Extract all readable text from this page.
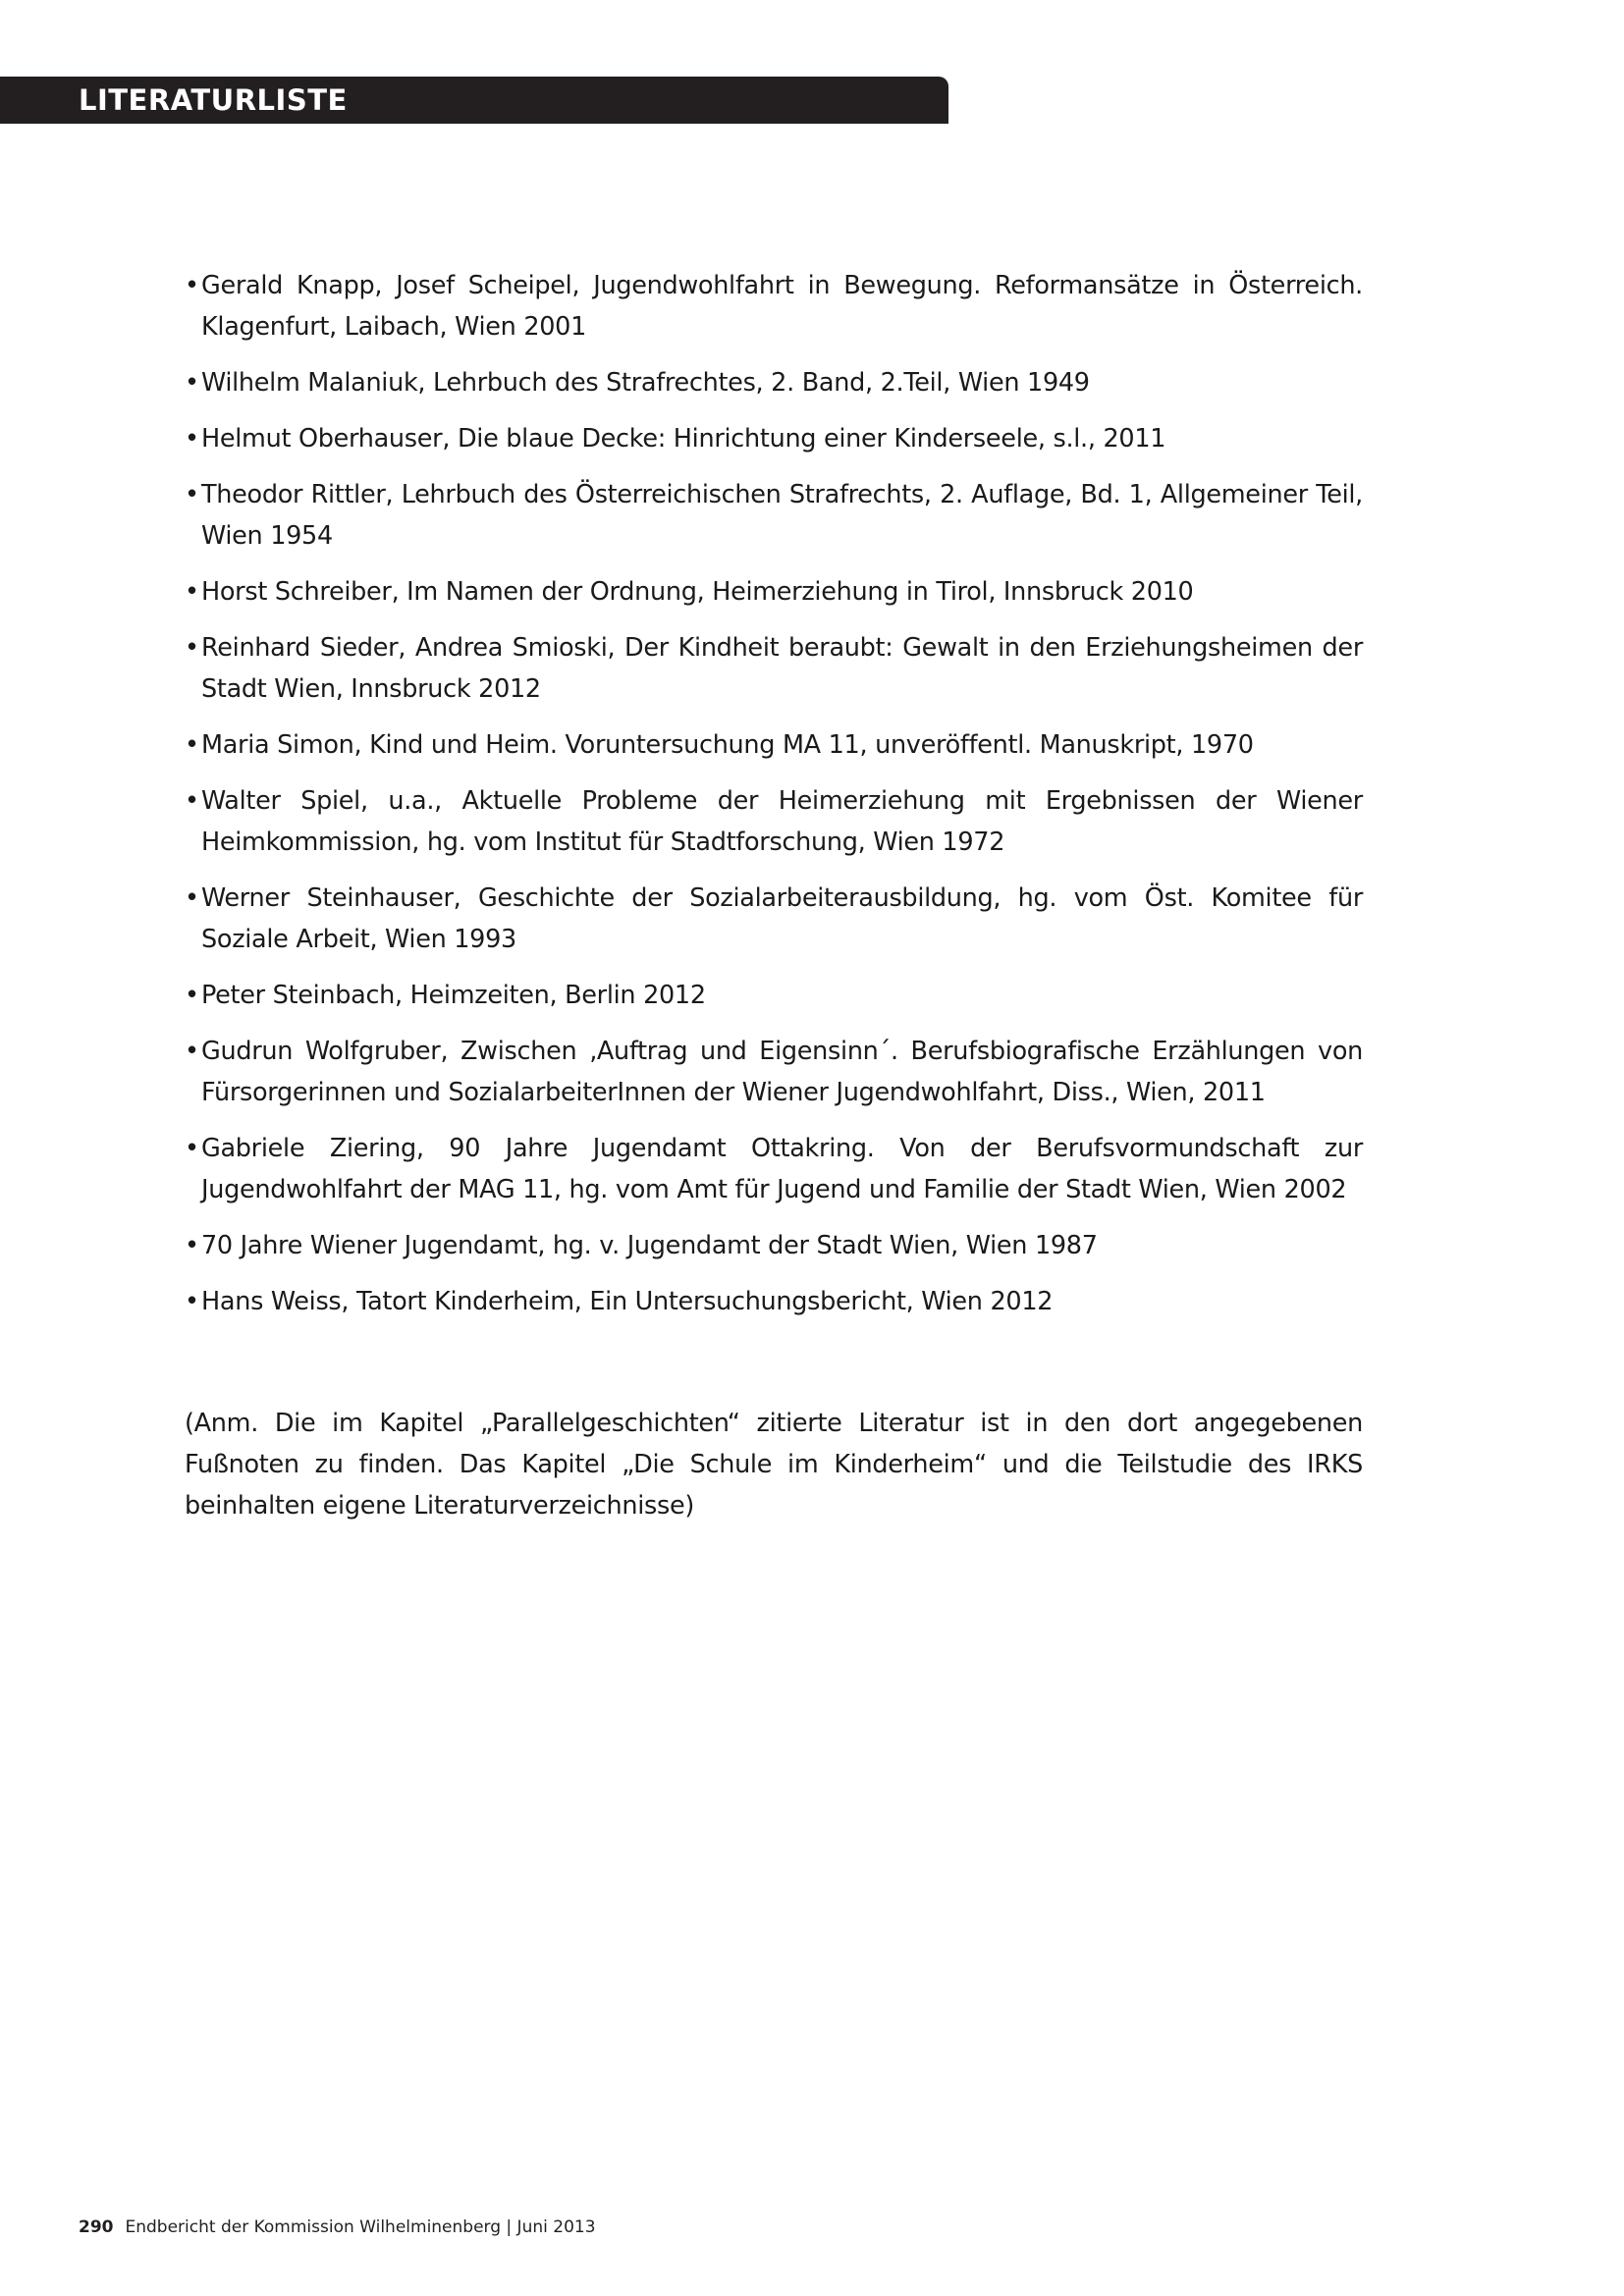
LITERATURLISTE
• Gerald Knapp, Josef Scheipel, Jugendwohlfahrt in Bewegung. Reformansätze in Österreich. Klagenfurt, Laibach, Wien 2001
• Wilhelm Malaniuk, Lehrbuch des Strafrechtes, 2. Band, 2.Teil, Wien 1949
• Helmut Oberhauser, Die blaue Decke: Hinrichtung einer Kinderseele, s.l., 2011
• Theodor Rittler, Lehrbuch des Österreichischen Strafrechts, 2. Auflage, Bd. 1, Allgemeiner Teil, Wien 1954
• Horst Schreiber, Im Namen der Ordnung, Heimerziehung in Tirol, Innsbruck 2010
• Reinhard Sieder, Andrea Smioski, Der Kindheit beraubt: Gewalt in den Erziehungsheimen der Stadt Wien, Innsbruck 2012
• Maria Simon, Kind und Heim. Voruntersuchung MA 11, unveröffentl. Manuskript, 1970
• Walter Spiel, u.a., Aktuelle Probleme der Heimerziehung mit Ergebnissen der Wiener Heimkommission, hg. vom Institut für Stadtforschung, Wien 1972
• Werner Steinhauser, Geschichte der Sozialarbeiterausbildung, hg. vom Öst. Komitee für Soziale Arbeit, Wien 1993
• Peter Steinbach, Heimzeiten, Berlin 2012
• Gudrun Wolfgruber, Zwischen ‚Auftrag und Eigensinn´. Berufsbiografische Erzählungen von Fürsorgerinnen und SozialarbeiterInnen der Wiener Jugendwohlfahrt, Diss., Wien, 2011
• Gabriele Ziering, 90 Jahre Jugendamt Ottakring. Von der Berufsvormundschaft zur Jugendwohlfahrt der MAG 11, hg. vom Amt für Jugend und Familie der Stadt Wien, Wien 2002
• 70 Jahre Wiener Jugendamt, hg. v. Jugendamt der Stadt Wien, Wien 1987
• Hans Weiss, Tatort Kinderheim, Ein Untersuchungsbericht, Wien 2012

(Anm. Die im Kapitel „Parallelgeschichten“ zitierte Literatur ist in den dort angegebenen Fußnoten zu finden. Das Kapitel „Die Schule im Kinderheim“ und die Teilstudie des IRKS beinhalten eigene Literaturverzeichnisse)

290 Endbericht der Kommission Wilhelminenberg | Juni 2013
